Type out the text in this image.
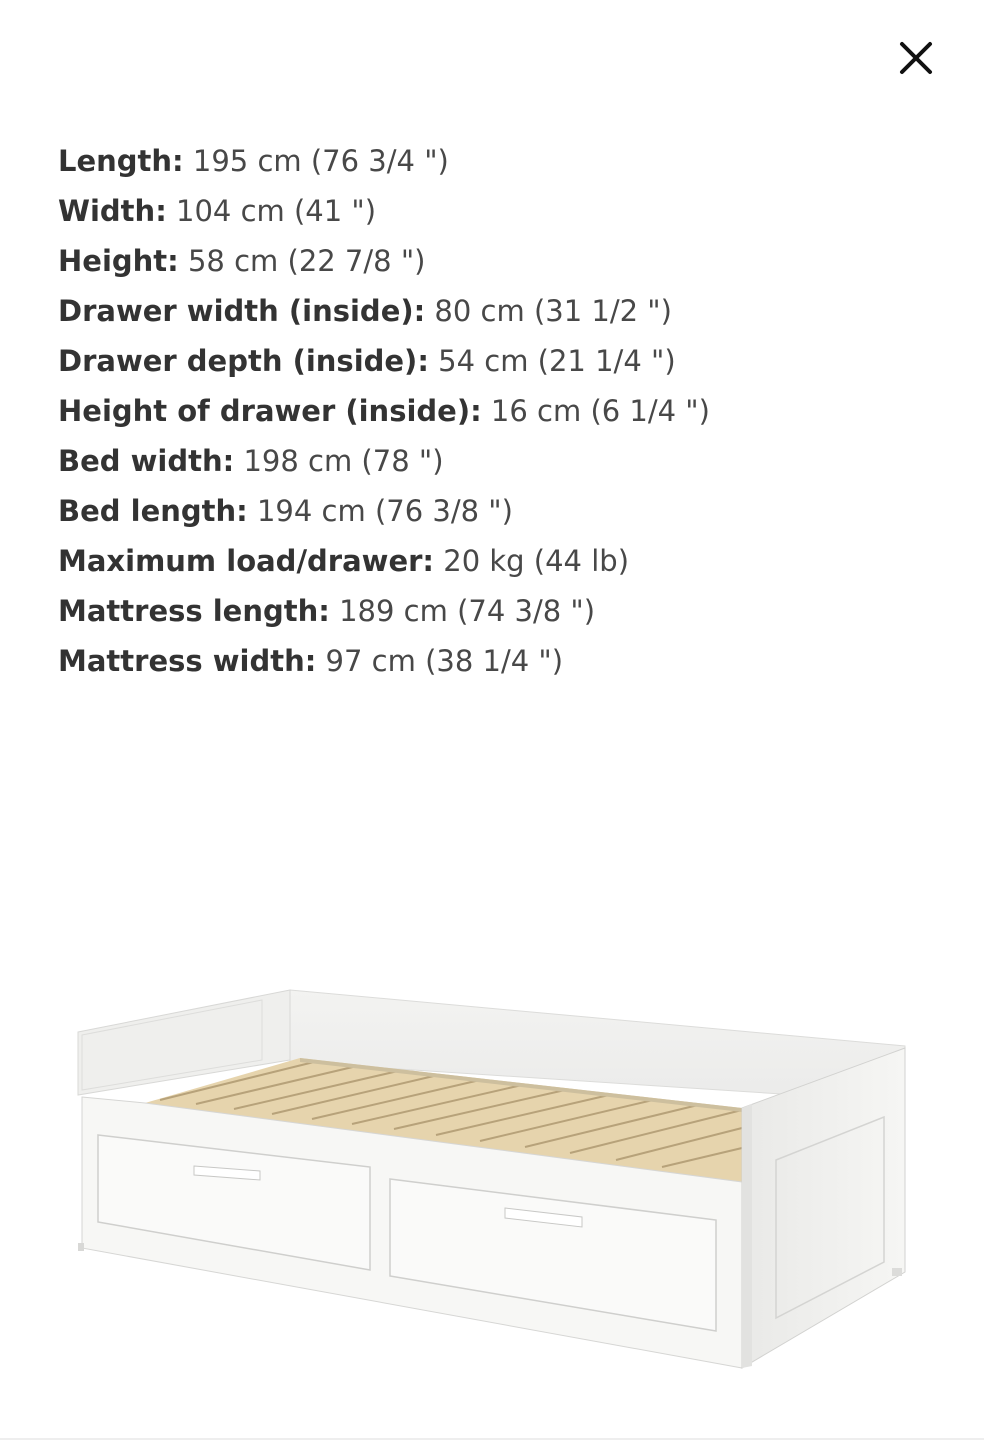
Length: 195 cm (76 3/4 ")
Width: 104 cm (41 ")
Height: 58 cm (22 7/8 ")
Drawer width (inside): 80 cm (31 1/2 ")
Drawer depth (inside): 54 cm (21 1/4 ")
Height of drawer (inside): 16 cm (6 1/4 ")
Bed width: 198 cm (78 ")
Bed length: 194 cm (76 3/8 ")
Maximum load/drawer: 20 kg (44 lb)
Mattress length: 189 cm (74 3/8 ")
Mattress width: 97 cm (38 1/4 ")
